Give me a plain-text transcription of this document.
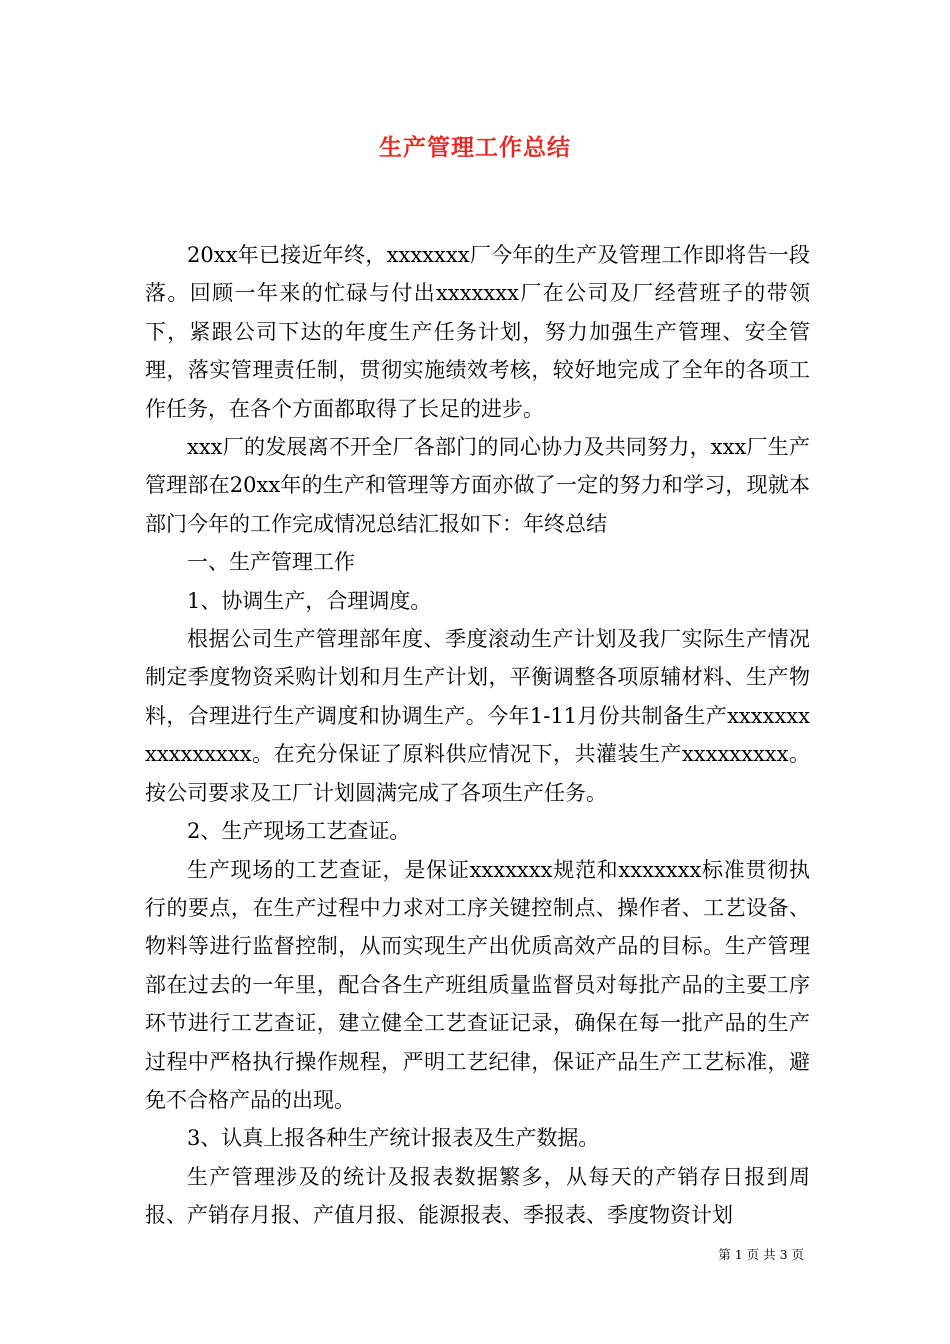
生产管理工作总结

20xx年已接近年终，xxxxxxx厂今年的生产及管理工作即将告一段落。回顾一年来的忙碌与付出xxxxxxx厂在公司及厂经营班子的带领下，紧跟公司下达的年度生产任务计划，努力加强生产管理、安全管理，落实管理责任制，贯彻实施绩效考核，较好地完成了全年的各项工作任务，在各个方面都取得了长足的进步。

xxx厂的发展离不开全厂各部门的同心协力及共同努力，xxx厂生产管理部在20xx年的生产和管理等方面亦做了一定的努力和学习，现就本部门今年的工作完成情况总结汇报如下：年终总结

一、生产管理工作

1、协调生产，合理调度。

根据公司生产管理部年度、季度滚动生产计划及我厂实际生产情况制定季度物资采购计划和月生产计划，平衡调整各项原辅材料、生产物料，合理进行生产调度和协调生产。今年1-11月份共制备生产xxxxxxxxxxxxxxxx。在充分保证了原料供应情况下，共灌装生产xxxxxxxxx。按公司要求及工厂计划圆满完成了各项生产任务。

2、生产现场工艺查证。

生产现场的工艺查证，是保证xxxxxxx规范和xxxxxxx标准贯彻执行的要点，在生产过程中力求对工序关键控制点、操作者、工艺设备、物料等进行监督控制，从而实现生产出优质高效产品的目标。生产管理部在过去的一年里，配合各生产班组质量监督员对每批产品的主要工序环节进行工艺查证，建立健全工艺查证记录，确保在每一批产品的生产过程中严格执行操作规程，严明工艺纪律，保证产品生产工艺标准，避免不合格产品的出现。

3、认真上报各种生产统计报表及生产数据。

生产管理涉及的统计及报表数据繁多，从每天的产销存日报到周报、产销存月报、产值月报、能源报表、季报表、季度物资计划

第 1 页 共 3 页
